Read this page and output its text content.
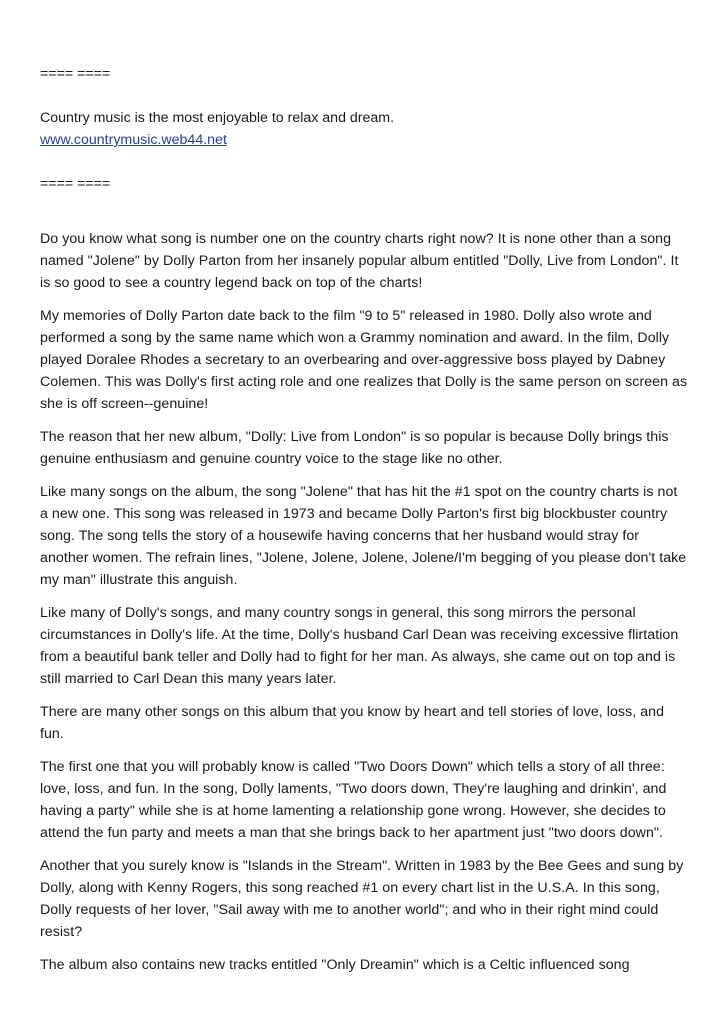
==== ====
Country music is the most enjoyable to relax and dream.
www.countrymusic.web44.net
==== ====

Do you know what song is number one on the country charts right now? It is none other than a song named "Jolene" by Dolly Parton from her insanely popular album entitled "Dolly, Live from London". It is so good to see a country legend back on top of the charts!

My memories of Dolly Parton date back to the film "9 to 5" released in 1980. Dolly also wrote and performed a song by the same name which won a Grammy nomination and award. In the film, Dolly played Doralee Rhodes a secretary to an overbearing and over-aggressive boss played by Dabney Colemen. This was Dolly's first acting role and one realizes that Dolly is the same person on screen as she is off screen--genuine!

The reason that her new album, "Dolly: Live from London" is so popular is because Dolly brings this genuine enthusiasm and genuine country voice to the stage like no other.

Like many songs on the album, the song "Jolene" that has hit the #1 spot on the country charts is not a new one. This song was released in 1973 and became Dolly Parton's first big blockbuster country song. The song tells the story of a housewife having concerns that her husband would stray for another women. The refrain lines, "Jolene, Jolene, Jolene, Jolene/I'm begging of you please don't take my man" illustrate this anguish.

Like many of Dolly's songs, and many country songs in general, this song mirrors the personal circumstances in Dolly's life. At the time, Dolly's husband Carl Dean was receiving excessive flirtation from a beautiful bank teller and Dolly had to fight for her man. As always, she came out on top and is still married to Carl Dean this many years later.

There are many other songs on this album that you know by heart and tell stories of love, loss, and fun.

The first one that you will probably know is called "Two Doors Down" which tells a story of all three: love, loss, and fun. In the song, Dolly laments, "Two doors down, They're laughing and drinkin', and having a party" while she is at home lamenting a relationship gone wrong. However, she decides to attend the fun party and meets a man that she brings back to her apartment just "two doors down".

Another that you surely know is "Islands in the Stream". Written in 1983 by the Bee Gees and sung by Dolly, along with Kenny Rogers, this song reached #1 on every chart list in the U.S.A. In this song, Dolly requests of her lover, "Sail away with me to another world"; and who in their right mind could resist?

The album also contains new tracks entitled "Only Dreamin" which is a Celtic influenced song
